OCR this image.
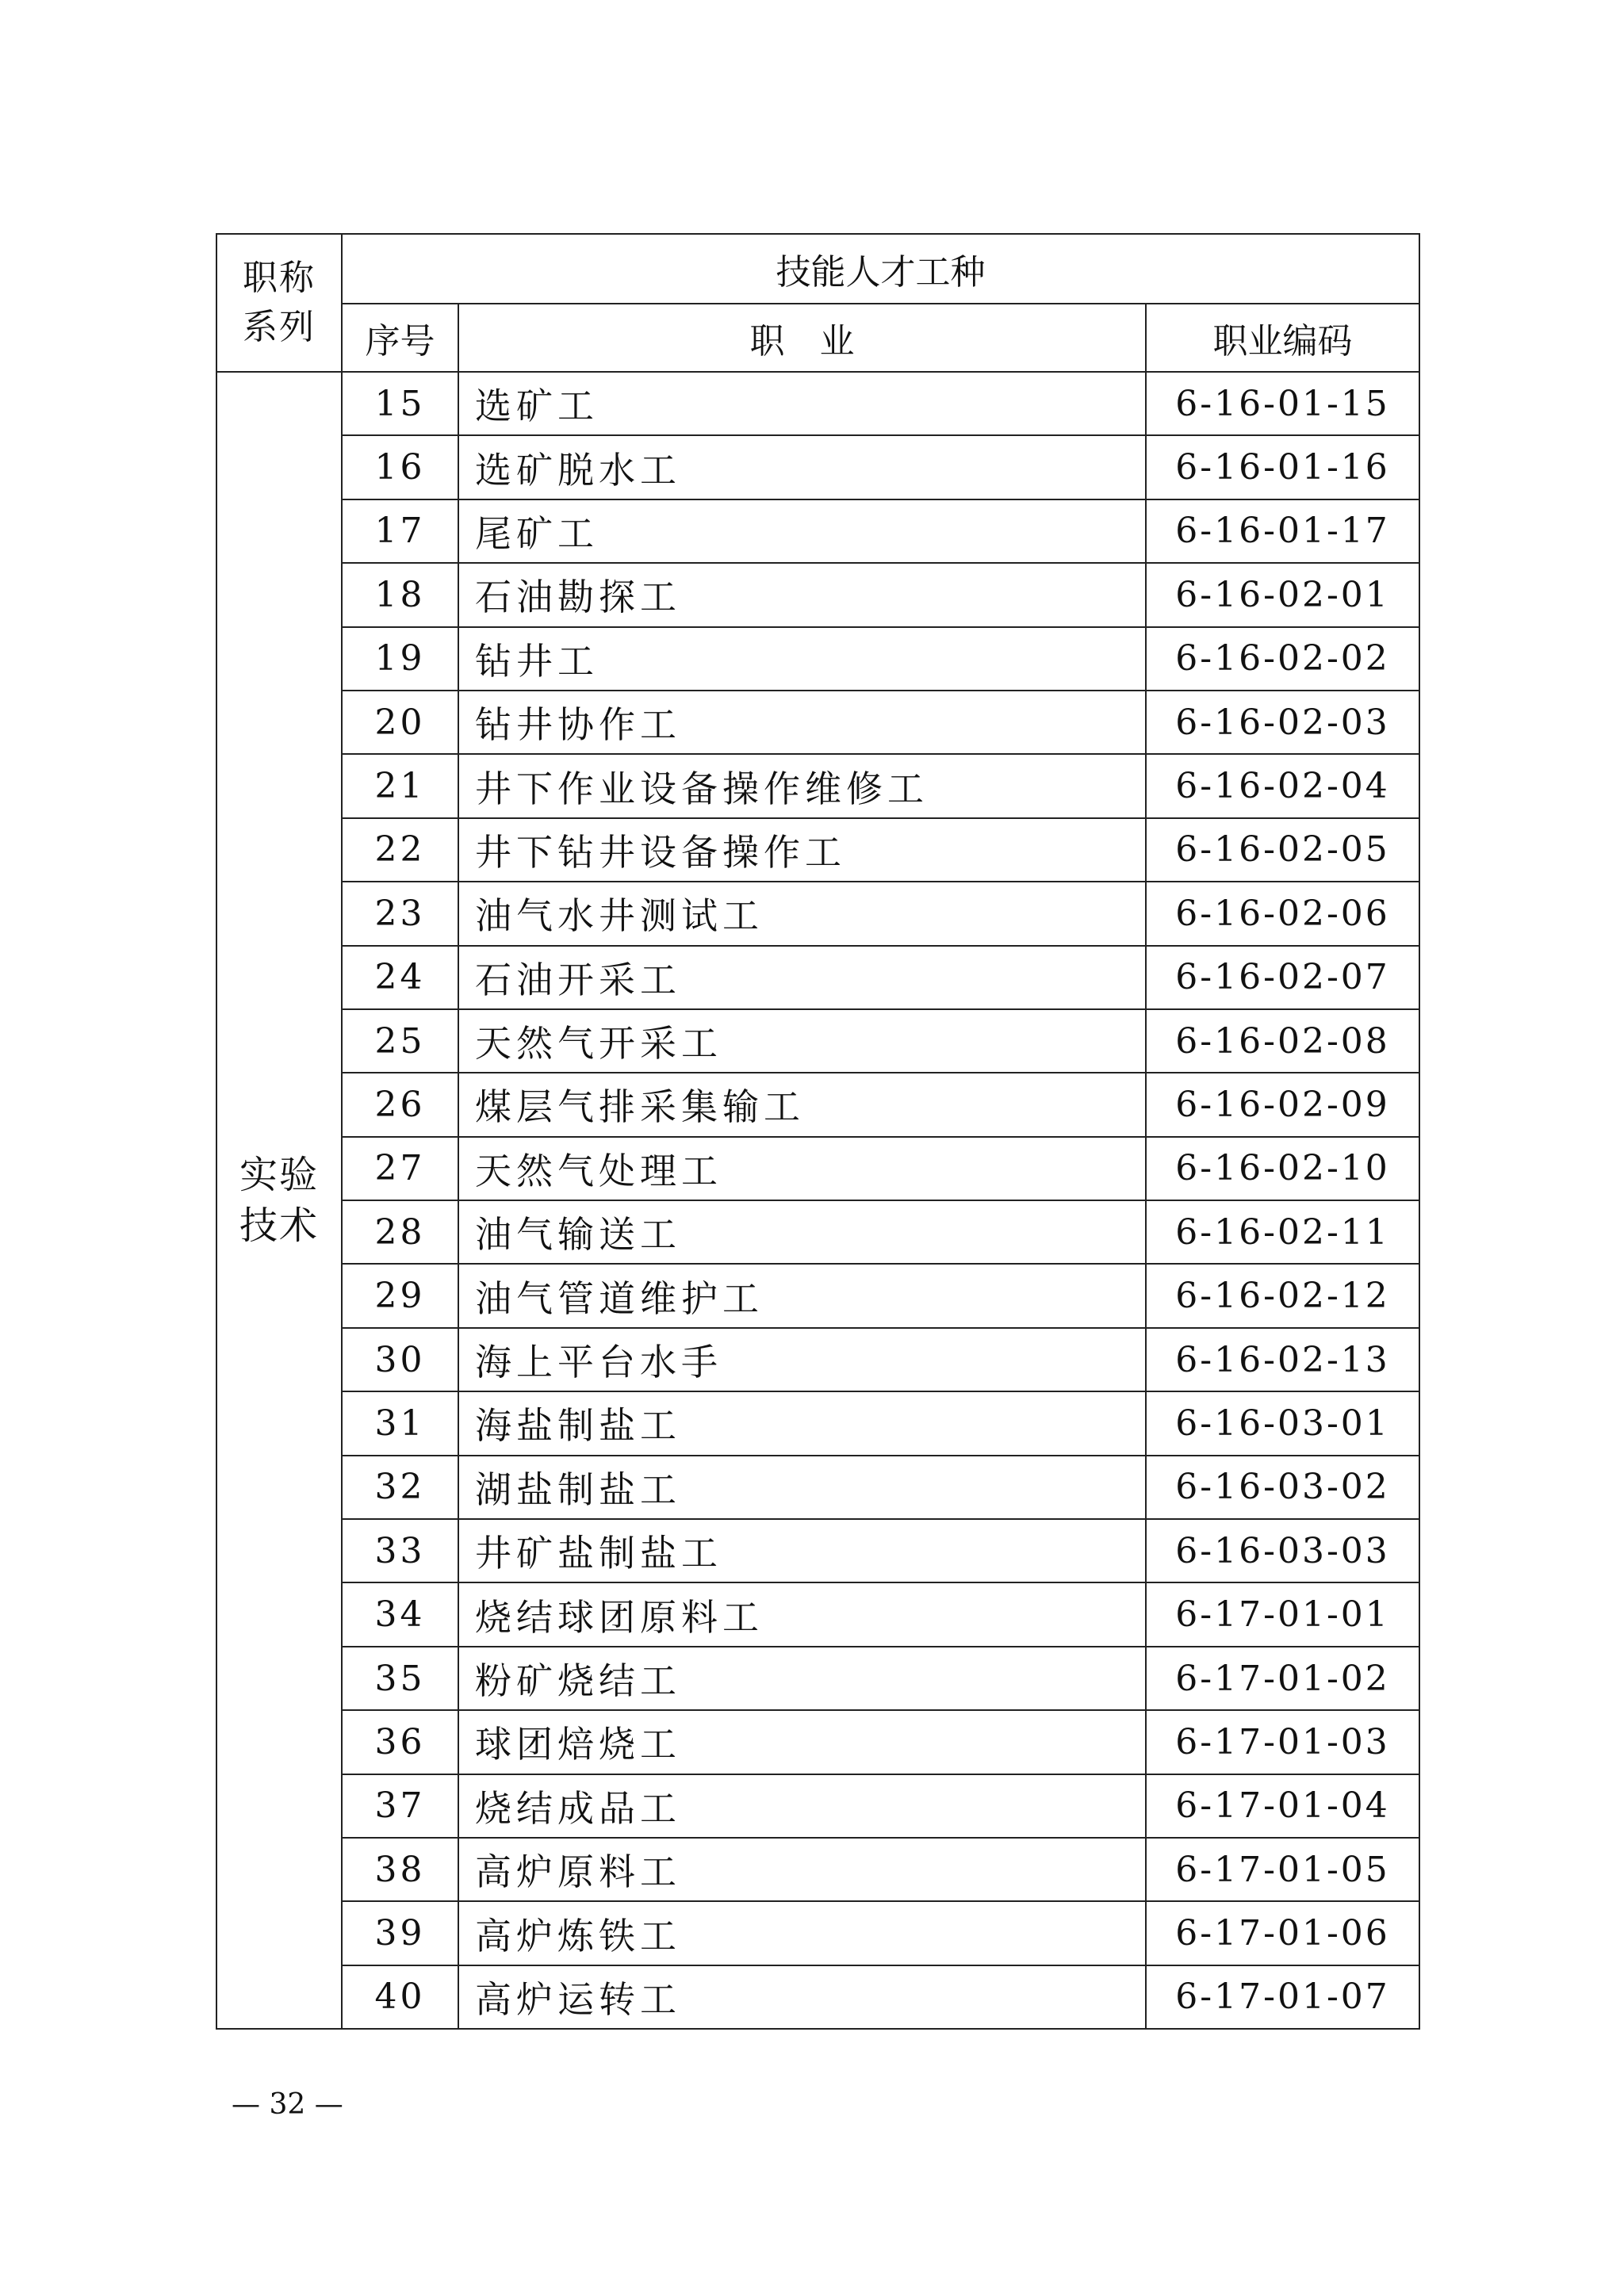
职称
系列	技能人才工种		
	序号	职　业	职业编码

实验
技术	15	选矿工	6-16-01-15
	16	选矿脱水工	6-16-01-16
	17	尾矿工	6-16-01-17
	18	石油勘探工	6-16-02-01
	19	钻井工	6-16-02-02
	20	钻井协作工	6-16-02-03
	21	井下作业设备操作维修工	6-16-02-04
	22	井下钻井设备操作工	6-16-02-05
	23	油气水井测试工	6-16-02-06
	24	石油开采工	6-16-02-07
	25	天然气开采工	6-16-02-08
	26	煤层气排采集输工	6-16-02-09
	27	天然气处理工	6-16-02-10
	28	油气输送工	6-16-02-11
	29	油气管道维护工	6-16-02-12
	30	海上平台水手	6-16-02-13
	31	海盐制盐工	6-16-03-01
	32	湖盐制盐工	6-16-03-02
	33	井矿盐制盐工	6-16-03-03
	34	烧结球团原料工	6-17-01-01
	35	粉矿烧结工	6-17-01-02
	36	球团焙烧工	6-17-01-03
	37	烧结成品工	6-17-01-04
	38	高炉原料工	6-17-01-05
	39	高炉炼铁工	6-17-01-06
	40	高炉运转工	6-17-01-07
— 32 —
